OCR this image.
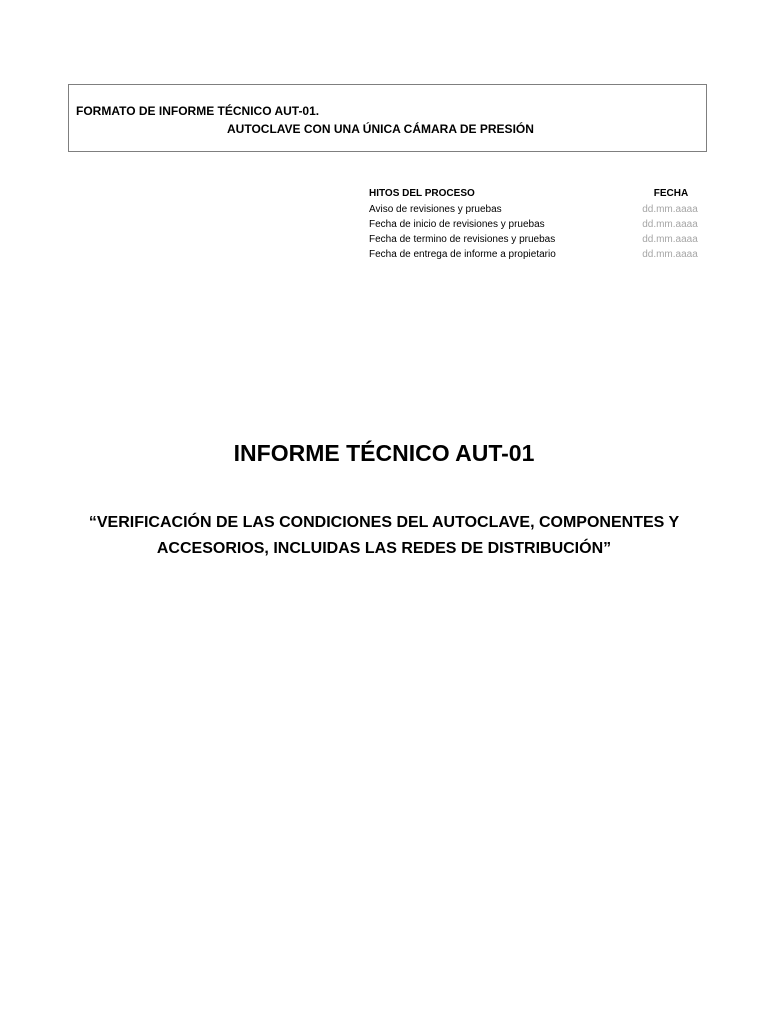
FORMATO DE INFORME TÉCNICO AUT-01.
AUTOCLAVE CON UNA ÚNICA CÁMARA DE PRESIÓN
HITOS DEL PROCESO	FECHA
Aviso de revisiones y pruebas	dd.mm.aaaa
Fecha de inicio de revisiones y pruebas	dd.mm.aaaa
Fecha de termino de revisiones y pruebas	dd.mm.aaaa
Fecha de entrega de informe a propietario	dd.mm.aaaa
INFORME TÉCNICO AUT-01
“VERIFICACIÓN DE LAS CONDICIONES DEL AUTOCLAVE, COMPONENTES Y ACCESORIOS, INCLUIDAS LAS REDES DE DISTRIBUCIÓN”
